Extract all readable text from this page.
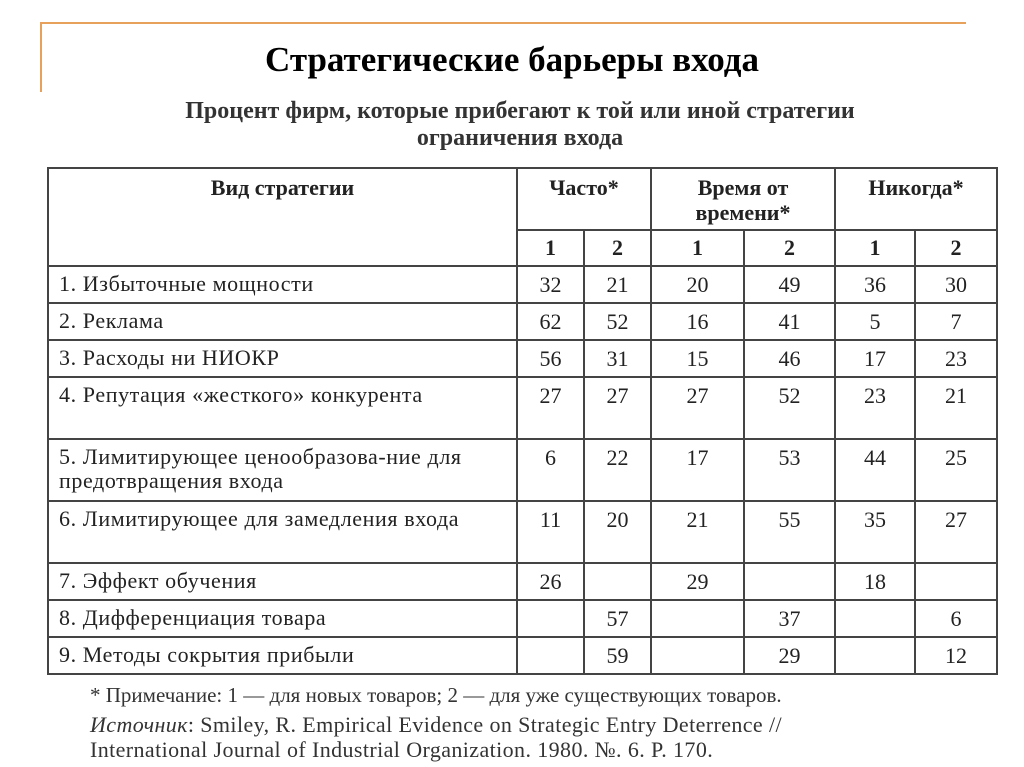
Стратегические барьеры входа
Процент фирм, которые прибегают к той или иной стратегии
ограничения входа
Вид стратегии	Часто*		Время от времени*		Никогда*	
	1	2	1	2	1	2
1. Избыточные мощности	32	21	20	49	36	30
2. Реклама	62	52	16	41	5	7
3. Расходы ни НИОКР	56	31	15	46	17	23
4. Репутация «жесткого» конкурента	27	27	27	52	23	21
5. Лимитирующее ценообразова-ние для предотвращения входа	6	22	17	53	44	25
6. Лимитирующее для замедления входа	11	20	21	55	35	27
7. Эффект обучения	26		29		18	
8. Дифференциация товара		57		37		6
9. Методы сокрытия прибыли		59		29		12
* Примечание: 1 — для новых товаров; 2 — для уже существующих товаров.
Источник: Smiley, R. Empirical Evidence on Strategic Entry Deterrence //
International Journal of Industrial Organization. 1980. №. 6. P. 170.
